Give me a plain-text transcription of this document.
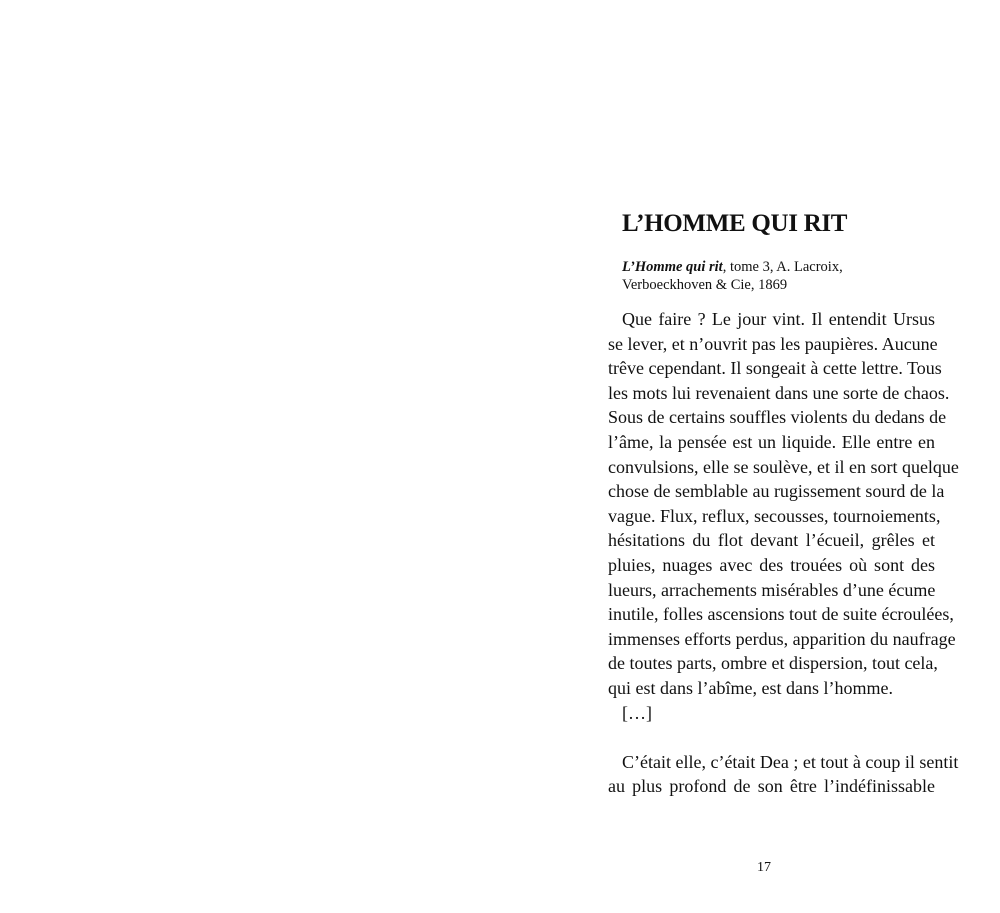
L’HOMME QUI RIT
L’Homme qui rit, tome 3, A. Lacroix,
Verboeckhoven & Cie, 1869
Que faire ? Le jour vint. Il entendit Ursus
se lever, et n’ouvrit pas les paupières. Aucune
trêve cependant. Il songeait à cette lettre. Tous
les mots lui revenaient dans une sorte de chaos.
Sous de certains souffles violents du dedans de
l’âme, la pensée est un liquide. Elle entre en
convulsions, elle se soulève, et il en sort quelque
chose de semblable au rugissement sourd de la
vague. Flux, reflux, secousses, tournoiements,
hésitations du flot devant l’écueil, grêles et
pluies, nuages avec des trouées où sont des
lueurs, arrachements misérables d’une écume
inutile, folles ascensions tout de suite écroulées,
immenses efforts perdus, apparition du naufrage
de toutes parts, ombre et dispersion, tout cela,
qui est dans l’abîme, est dans l’homme.
[…]
C’était elle, c’était Dea ; et tout à coup il sentit
au plus profond de son être l’indéfinissable
17
